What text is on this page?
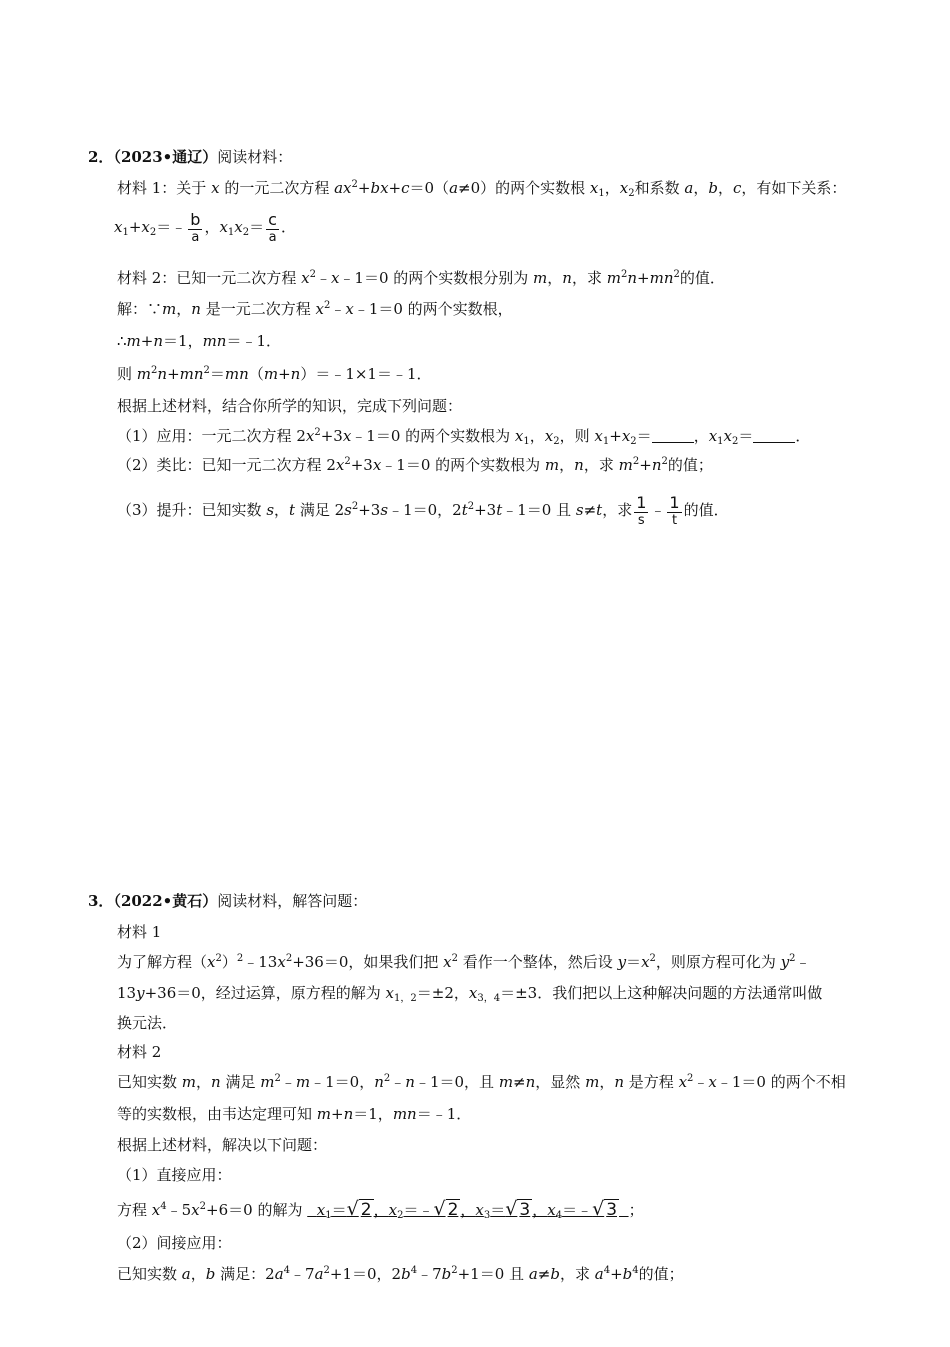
2．（2023•通辽）阅读材料：
材料 1：关于 x 的一元二次方程 $ax^2+bx+c=0(a\ne 0)$的两个实数根 $x_1$，$x_2$和系数 a，b，c，有如下关系：
$x_1+x_2=﹣ \frac{b}{a}$ ，$x_1x_2= \frac{c}{a}$ ．
材料 2：已知一元二次方程 $x^2﹣x﹣1=0$ 的两个实数根分别为 m，n，求 $m^2n+mn^2$的值．
解：∵m，n 是一元二次方程 $x^2﹣x﹣1=0$ 的两个实数根，
∴m+n＝1，mn＝﹣1．
则 $m^2n+mn^2=mn(m+n)=﹣1\times 1=﹣1$．
根据上述材料，结合你所学的知识，完成下列问题：
（1）应用：一元二次方程 $2x^2+3x﹣1=0$ 的两个实数根为 $x_1$，$x_2$，则 $x_1+x_2=$	，$x_1x_2=$	．
（2）类比：已知一元二次方程 $2x^2+3x﹣1=0$ 的两个实数根为 m，n，求 $m^2+n^2$的值；
（3）提升：已知实数 s，t 满足 $2s^2+3s﹣1=0$，$2t^2+3t﹣1=0$ 且 s≠t，求 $\frac{1}{s}$ ﹣ $\frac{1}{t}$ 的值．
3．（2022•黄石）阅读材料，解答问题：
材料 1
为了解方程$(x^2)^2﹣13x^2+36=0$，如果我们把 $x^2$ 看作一个整体，然后设 $y=x^2$，则原方程可化为 $y^2﹣$
13y+36＝0，经过运算，原方程的解为 $x_{1,2}=\pm 2$，$x_{3,4}=\pm 3$．我们把以上这种解决问题的方法通常叫做
换元法．
材料 2
已知实数 m，n 满足 $m^2﹣m﹣1=0$，$n^2﹣n﹣1=0$，且 m≠n，显然 m，n 是方程 $x^2﹣x﹣1=0$ 的两个不相
等的实数根，由韦达定理可知 m+n＝1，mn＝﹣1．
根据上述材料，解决以下问题：
（1）直接应用：
方程 $x^4﹣5x^2+6=0$ 的解为 $x_1=√$ 2 ，$x_2=﹣√$ 2 ，$x_3=√$ 3 ，$x_4=﹣√$ 3 ；
（2）间接应用：
已知实数 a，b 满足：$2a^4﹣7a^2+1=0$，$2b^4﹣7b^2+1=0$ 且 a≠b，求 $a^4+b^4$的值；
